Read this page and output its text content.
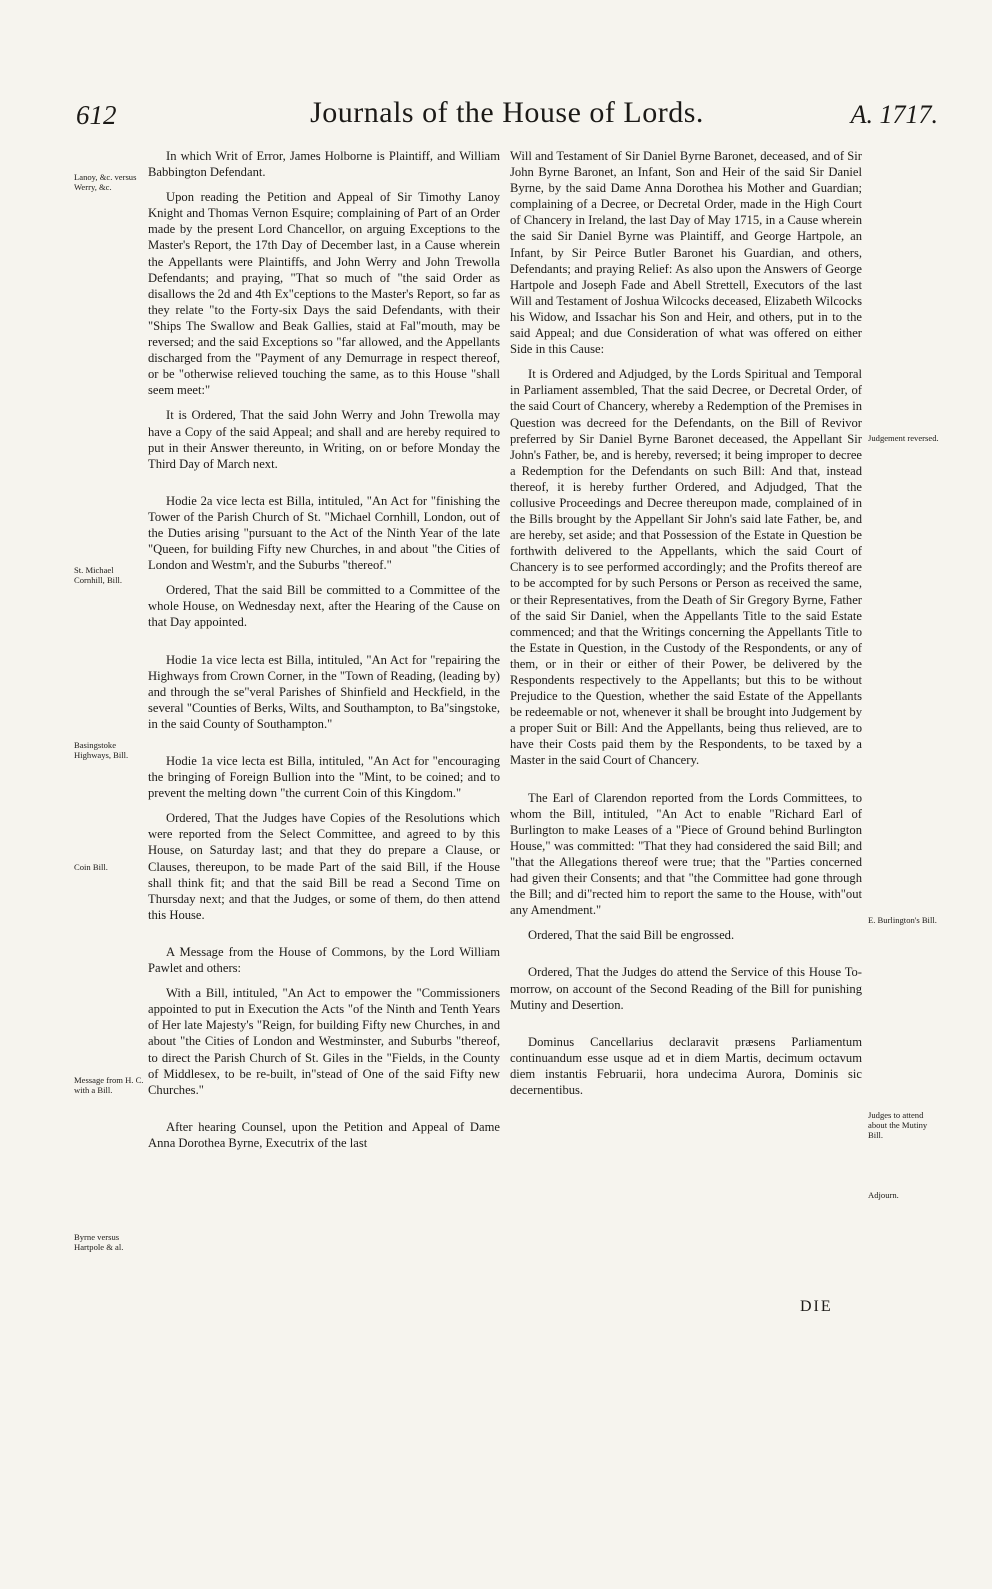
612	Journals of the House of Lords.	A. 1717.
Lanoy, &c. versus Werry, &c.
St. Michael Cornhill, Bill.
Basingstoke Highways, Bill.
Coin Bill.
Message from H. C. with a Bill.
Byrne versus Hartpole & al.
Judgement reversed.
E. Burlington's Bill.
Judges to attend about the Mutiny Bill.
Adjourn.

In which Writ of Error, James Holborne is Plaintiff, and William Babbington Defendant.

Upon reading the Petition and Appeal of Sir Timothy Lanoy Knight and Thomas Vernon Esquire; complaining of Part of an Order made by the present Lord Chancellor, on arguing Exceptions to the Master's Report, the 17th Day of December last, in a Cause wherein the Appellants were Plaintiffs, and John Werry and John Trewolla Defendants; and praying, "That so much of "the said Order as disallows the 2d and 4th Ex"ceptions to the Master's Report, so far as they relate "to the Forty-six Days the said Defendants, with their "Ships The Swallow and Beak Gallies, staid at Fal"mouth, may be reversed; and the said Exceptions so "far allowed, and the Appellants discharged from the "Payment of any Demurrage in respect thereof, or be "otherwise relieved touching the same, as to this House "shall seem meet:"

It is Ordered, That the said John Werry and John Trewolla may have a Copy of the said Appeal; and shall and are hereby required to put in their Answer thereunto, in Writing, on or before Monday the Third Day of March next.

Hodie 2a vice lecta est Billa, intituled, "An Act for "finishing the Tower of the Parish Church of St. "Michael Cornhill, London, out of the Duties arising "pursuant to the Act of the Ninth Year of the late "Queen, for building Fifty new Churches, in and about "the Cities of London and Westm'r, and the Suburbs "thereof."

Ordered, That the said Bill be committed to a Committee of the whole House, on Wednesday next, after the Hearing of the Cause on that Day appointed.

Hodie 1a vice lecta est Billa, intituled, "An Act for "repairing the Highways from Crown Corner, in the "Town of Reading, (leading by) and through the se"veral Parishes of Shinfield and Heckfield, in the several "Counties of Berks, Wilts, and Southampton, to Ba"singstoke, in the said County of Southampton."

Hodie 1a vice lecta est Billa, intituled, "An Act for "encouraging the bringing of Foreign Bullion into the "Mint, to be coined; and to prevent the melting down "the current Coin of this Kingdom."

Ordered, That the Judges have Copies of the Resolutions which were reported from the Select Committee, and agreed to by this House, on Saturday last; and that they do prepare a Clause, or Clauses, thereupon, to be made Part of the said Bill, if the House shall think fit; and that the said Bill be read a Second Time on Thursday next; and that the Judges, or some of them, do then attend this House.

A Message from the House of Commons, by the Lord William Pawlet and others:

With a Bill, intituled, "An Act to empower the "Commissioners appointed to put in Execution the Acts "of the Ninth and Tenth Years of Her late Majesty's "Reign, for building Fifty new Churches, in and about "the Cities of London and Westminster, and Suburbs "thereof, to direct the Parish Church of St. Giles in the "Fields, in the County of Middlesex, to be re-built, in"stead of One of the said Fifty new Churches."

After hearing Counsel, upon the Petition and Appeal of Dame Anna Dorothea Byrne, Executrix of the last

Will and Testament of Sir Daniel Byrne Baronet, deceased, and of Sir John Byrne Baronet, an Infant, Son and Heir of the said Sir Daniel Byrne, by the said Dame Anna Dorothea his Mother and Guardian; complaining of a Decree, or Decretal Order, made in the High Court of Chancery in Ireland, the last Day of May 1715, in a Cause wherein the said Sir Daniel Byrne was Plaintiff, and George Hartpole, an Infant, by Sir Peirce Butler Baronet his Guardian, and others, Defendants; and praying Relief: As also upon the Answers of George Hartpole and Joseph Fade and Abell Strettell, Executors of the last Will and Testament of Joshua Wilcocks deceased, Elizabeth Wilcocks his Widow, and Issachar his Son and Heir, and others, put in to the said Appeal; and due Consideration of what was offered on either Side in this Cause:

It is Ordered and Adjudged, by the Lords Spiritual and Temporal in Parliament assembled, That the said Decree, or Decretal Order, of the said Court of Chancery, whereby a Redemption of the Premises in Question was decreed for the Defendants, on the Bill of Revivor preferred by Sir Daniel Byrne Baronet deceased, the Appellant Sir John's Father, be, and is hereby, reversed; it being improper to decree a Redemption for the Defendants on such Bill: And that, instead thereof, it is hereby further Ordered, and Adjudged, That the collusive Proceedings and Decree thereupon made, complained of in the Bills brought by the Appellant Sir John's said late Father, be, and are hereby, set aside; and that Possession of the Estate in Question be forthwith delivered to the Appellants, which the said Court of Chancery is to see performed accordingly; and the Profits thereof are to be accompted for by such Persons or Person as received the same, or their Representatives, from the Death of Sir Gregory Byrne, Father of the said Sir Daniel, when the Appellants Title to the said Estate commenced; and that the Writings concerning the Appellants Title to the Estate in Question, in the Custody of the Respondents, or any of them, or in their or either of their Power, be delivered by the Respondents respectively to the Appellants; but this to be without Prejudice to the Question, whether the said Estate of the Appellants be redeemable or not, whenever it shall be brought into Judgement by a proper Suit or Bill: And the Appellants, being thus relieved, are to have their Costs paid them by the Respondents, to be taxed by a Master in the said Court of Chancery.

The Earl of Clarendon reported from the Lords Committees, to whom the Bill, intituled, "An Act to enable "Richard Earl of Burlington to make Leases of a "Piece of Ground behind Burlington House," was committed: "That they had considered the said Bill; and "that the Allegations thereof were true; that the "Parties concerned had given their Consents; and that "the Committee had gone through the Bill; and di"rected him to report the same to the House, with"out any Amendment."

Ordered, That the said Bill be engrossed.

Ordered, That the Judges do attend the Service of this House To-morrow, on account of the Second Reading of the Bill for punishing Mutiny and Desertion.

Dominus Cancellarius declaravit præsens Parliamentum continuandum esse usque ad et in diem Martis, decimum octavum diem instantis Februarii, hora undecima Aurora, Dominis sic decernentibus.

DIE
